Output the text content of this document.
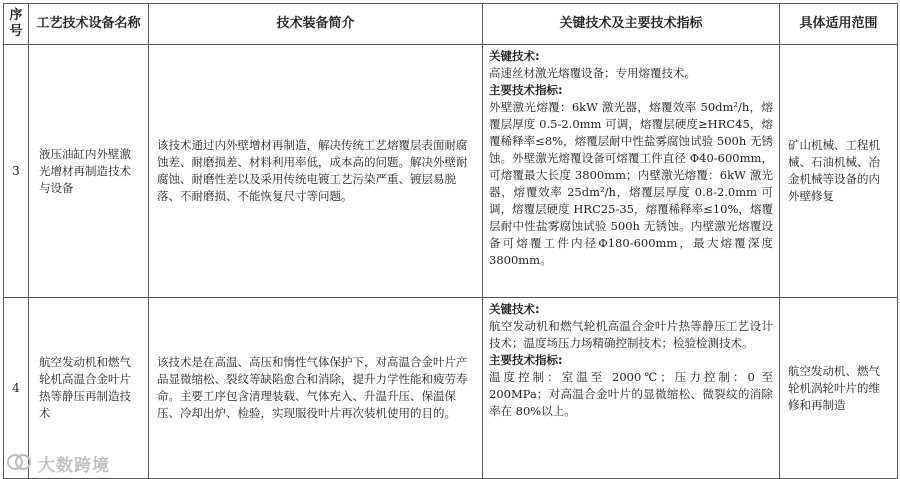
序号	工艺技术设备名称	技术装备简介	关键技术及主要技术指标	具体适用范围
3	液压油缸内外壁激光增材再制造技术与设备	该技术通过内外壁增材再制造，解决传统工艺熔覆层表面耐腐蚀差、耐磨损差、材料利用率低，成本高的问题。解决外壁耐腐蚀、耐磨性差以及采用传统电镀工艺污染严重、镀层易脱落、不耐磨损、不能恢复尺寸等问题。	关键技术:

高速丝材激光熔覆设备；专用熔覆技术。

主要技术指标:

外壁激光熔覆：6kW 激光器，熔覆效率 50dm²/h，熔覆层厚度 0.5-2.0mm 可调，熔覆层硬度≥HRC45，熔覆稀释率≤8%，熔覆层耐中性盐雾腐蚀试验 500h 无锈蚀。外壁激光熔覆设备可熔覆工件直径 Φ40-600mm，可熔覆最大长度 3800mm；内壁激光熔覆：6kW 激光器，熔覆效率 25dm²/h，熔覆层厚度 0.8-2.0mm 可调，熔覆层硬度 HRC25-35，熔覆稀释率≤10%，熔覆层耐中性盐雾腐蚀试验 500h 无锈蚀。内壁激光熔覆设备可熔覆工件内径Φ180-600mm，最大熔覆深度 3800mm。	矿山机械、工程机械、石油机械、冶金机械等设备的内外壁修复
4	航空发动机和燃气轮机高温合金叶片热等静压再制造技术	该技术是在高温、高压和惰性气体保护下，对高温合金叶片产品显微缩松、裂纹等缺陷愈合和消除，提升力学性能和疲劳寿命。主要工序包含清理装载、气体充入、升温升压、保温保压、冷却出炉、检验，实现服役叶片再次装机使用的目的。	关键技术:

航空发动机和燃气轮机高温合金叶片热等静压工艺设计技术；温度场压力场精确控制技术；检验检测技术。

主要技术指标:

温度控制：室温至 2000℃；压力控制：0 至 200MPa；对高温合金叶片的显微缩松、微裂纹的消除率在 80%以上。	航空发动机、燃气轮机涡轮叶片的维修和再制造
大数跨境
